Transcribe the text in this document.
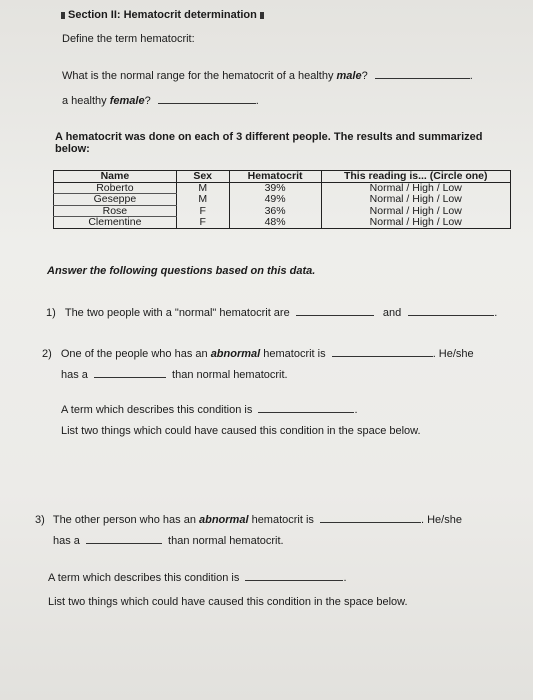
Section II: Hematocrit determination
Define the term hematocrit:
What is the normal range for the hematocrit of a healthy male?	.
a healthy female?	.
A hematocrit was done on each of 3 different people. The results and summarized
below:
Name	Sex	Hematocrit	This reading is... (Circle one)
Roberto	M	39%	Normal / High / Low
Geseppe	M	49%	Normal / High / Low
Rose	F	36%	Normal / High / Low
Clementine	F	48%	Normal / High / Low
Answer the following questions based on this data.
1) The two people with a "normal" hematocrit are	and	.
2) One of the people who has an abnormal hematocrit is	. He/she
has a	than normal hematocrit.
A term which describes this condition is	.
List two things which could have caused this condition in the space below.
3) The other person who has an abnormal hematocrit is	. He/she
has a	than normal hematocrit.
A term which describes this condition is	.
List two things which could have caused this condition in the space below.
